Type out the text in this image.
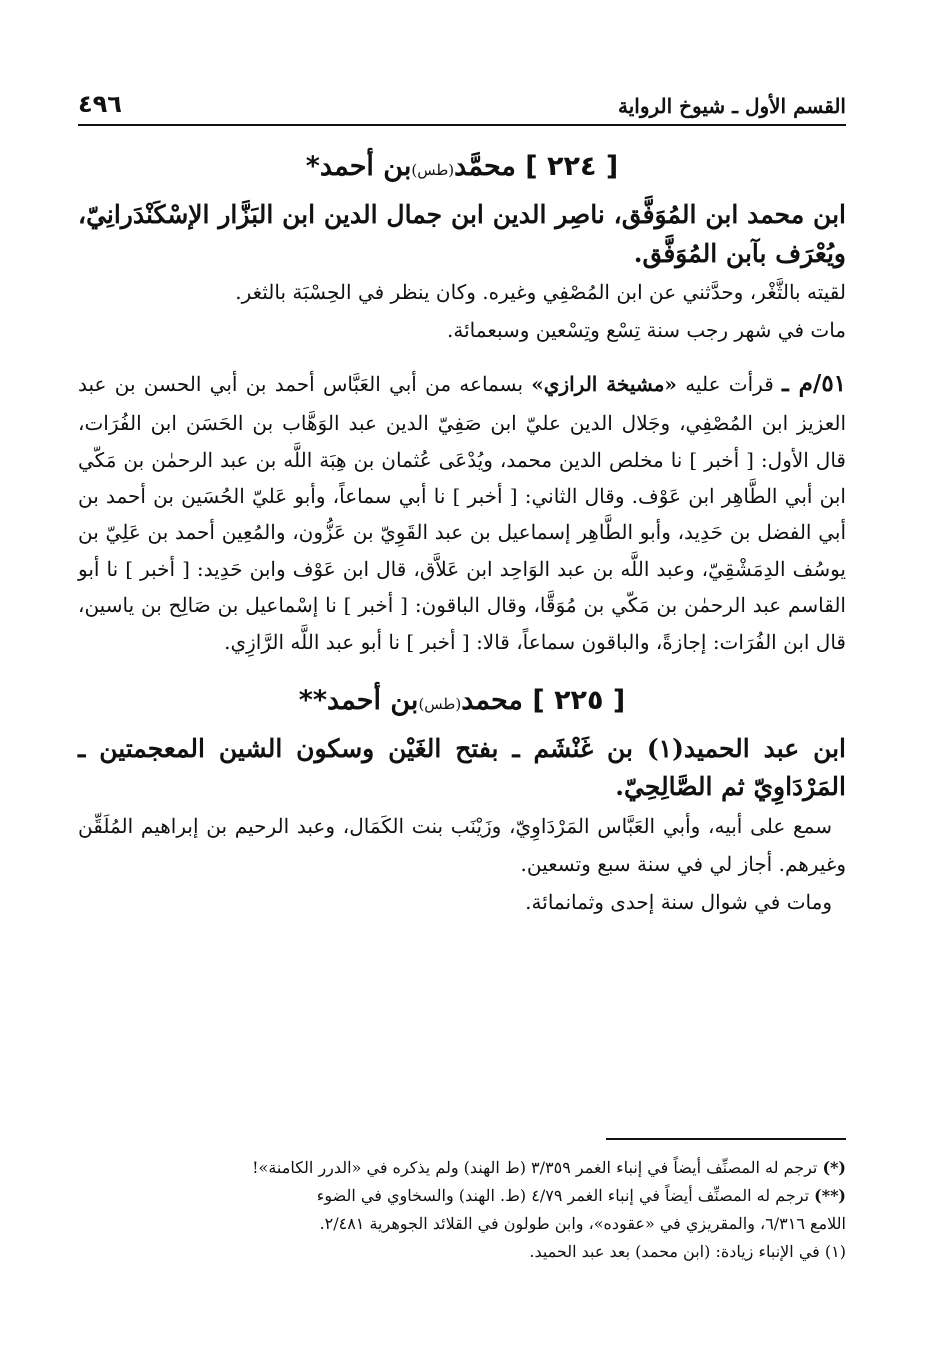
القسم الأول ـ شيوخ الرواية
٤٩٦
[ ٢٢٤ ] محمَّد(طس)بن أحمد*
ابن محمد ابن المُوَفَّق، ناصِر الدين ابن جمال الدين ابن البَزَّار الإسْكَنْدَرانِيّ، ويُعْرَف بآبن المُوَفَّق.
لقيته بالثَّغْر، وحدَّثني عن ابن المُصْفِي وغيره. وكان ينظر في الحِسْبَة بالثغر.
مات في شهر رجب سنة تِسْع وتِسْعين وسبعمائة.
٥١/م ـ قرأت عليه «مشيخة الرازي» بسماعه من أبي العَبَّاس أحمد بن أبي الحسن بن عبد العزيز ابن المُصْفِي، وجَلال الدين عليّ ابن صَفِيّ الدين عبد الوَهَّاب بن الحَسَن ابن الفُرَات، قال الأول: [ أخبر ] نا مخلص الدين محمد، ويُدْعَى عُثمان بن هِبَة اللَّه بن عبد الرحمٰن بن مَكّي ابن أبي الطَّاهِر ابن عَوْف. وقال الثاني: [ أخبر ] نا أبي سماعاً، وأبو عَليّ الحُسَين بن أحمد بن أبي الفضل بن حَدِيد، وأبو الطَّاهِر إسماعيل بن عبد القَوِيّ بن عَزُّون، والمُعِين أحمد بن عَلِيّ بن يوسُف الدِمَشْقِيّ، وعبد اللَّه بن عبد الوَاحِد ابن عَلاَّق، قال ابن عَوْف وابن حَدِيد: [ أخبر ] نا أبو القاسم عبد الرحمٰن بن مَكّي بن مُوَقَّا، وقال الباقون: [ أخبر ] نا إسْماعيل بن صَالِح بن ياسين، قال ابن الفُرَات: إجازةً، والباقون سماعاً، قالا: [ أخبر ] نا أبو عبد اللَّه الرَّازِي.
[ ٢٢٥ ] محمد(طس)بن أحمد**
ابن عبد الحميد(١) بن غَنْشَم ـ بفتح الغَيْن وسكون الشين المعجمتين ـ المَرْدَاوِيّ ثم الصَّالِحِيّ.
سمع على أبيه، وأبي العَبَّاس المَرْدَاوِيّ، وزَيْنَب بنت الكَمَال، وعبد الرحيم بن إبراهيم المُلَقِّن وغيرهم. أجاز لي في سنة سبع وتسعين.
ومات في شوال سنة إحدى وثمانمائة.
(*) ترجم له المصنِّف أيضاً في إنباء الغمر ٣/٣٥٩ (ط الهند) ولم يذكره في «الدرر الكامنة»!
(**) ترجم له المصنِّف أيضاً في إنباء الغمر ٤/٧٩ (ط. الهند) والسخاوي في الضوء
اللامع ٦/٣١٦، والمقريزي في «عقوده»، وابن طولون في القلائد الجوهرية ٢/٤٨١.
(١) في الإنباء زيادة: (ابن محمد) بعد عبد الحميد.
